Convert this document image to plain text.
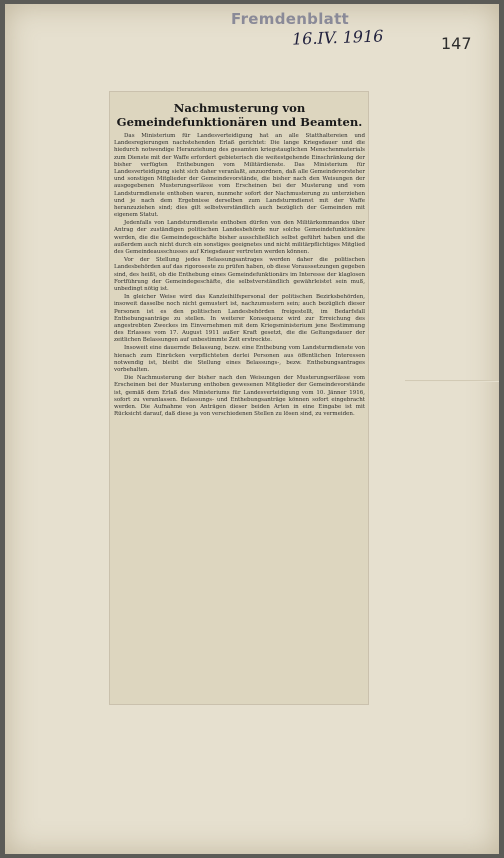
Fremdenblatt
16.IV. 1916	147
Nachmusterung von Gemeindefunktionären und Beamten.

Das Ministerium für Landesverteidigung hat an alle Statthaltereien und Landesregierungen nachstehenden Erlaß gerichtet: Die lange Kriegsdauer und die hiedurch notwendige Heranziehung des gesamten kriegstauglichen Menschenmaterials zum Dienste mit der Waffe erfordert gebieterisch die weitestgehende Einschränkung der bisher verfügten Enthebungen vom Militärdienste. Das Ministerium für Landesverteidigung sieht sich daher veranlaßt, anzuordnen, daß alle Gemeindevorsteher und sonstigen Mitglieder der Gemeindevorstände, die bisher nach den Weisungen der ausgegebenen Musterungserlässe vom Erscheinen bei der Musterung und vom Landsturmdienste enthoben waren, nunmehr sofort der Nachmusterung zu unterziehen und je nach dem Ergebnisse derselben zum Landsturmdienst mit der Waffe heranzuziehen sind; dies gilt selbstverständlich auch bezüglich der Gemeinden mit eigenem Statut.

Jedenfalls von Landsturmdienste enthoben dürfen von den Militärkommandos über Antrag der zuständigen politischen Landesbehörde nur solche Gemeindefunktionäre werden, die die Gemeindegeschäfte bisher ausschließlich selbst geführt haben und die außerdem auch nicht durch ein sonstiges geeignetes und nicht militärpflichtiges Mitglied des Gemeindeausschusses auf Kriegsdauer vertreten werden können.

Vor der Stellung jedes Belassungsantrages werden daher die politischen Landesbehörden auf das rigoroseste zu prüfen haben, ob diese Voraussetzungen gegeben sind, des heißt, ob die Enthebung eines Gemeindefunktionärs im Interesse der klaglosen Fortführung der Gemeindegeschäfte, die selbstverständlich gewährleistet sein muß, unbedingt nötig ist.

In gleicher Weise wird das Kanzleihilfspersonal der politischen Bezirksbehörden, insoweit dasselbe noch nicht gemustert ist, nachzumustern sein; auch bezüglich dieser Personen ist es den politischen Landesbehörden freigestellt, im Bedarfsfall Enthebungsanträge zu stellen. In weiterer Konsequenz wird zur Erreichung des angestrebten Zweckes im Einvernehmen mit dem Kriegsministerium jene Bestimmung des Erlasses vom 17. August 1911 außer Kraft gesetzt, die die Geltungsdauer der zeitlichen Belassungen auf unbestimmte Zeit erstreckte.

Insoweit eine dauernde Belassung, bezw. eine Enthebung vom Landsturmdienste von hienach zum Einrücken verpflichteten derlei Personen aus öffentlichen Interessen notwendig ist, bleibt die Stellung eines Belassungs-, bezw. Enthebungsantrages vorbehalten.

Die Nachmusterung der bisher nach den Weisungen der Musterungserlässe vom Erscheinen bei der Musterung enthoben gewesenen Mitglieder der Gemeindevorstände ist, gemäß dem Erlaß des Ministeriums für Landesverteidigung vom 10. Jänner 1916, sofort zu veranlassen. Belassungs- und Enthebungsanträge können sofort eingebracht werden. Die Aufnahme von Anträgen dieser beiden Arten in eine Eingabe ist mit Rücksicht darauf, daß diese ja von verschiedenen Stellen zu lösen sind, zu vermeiden.
